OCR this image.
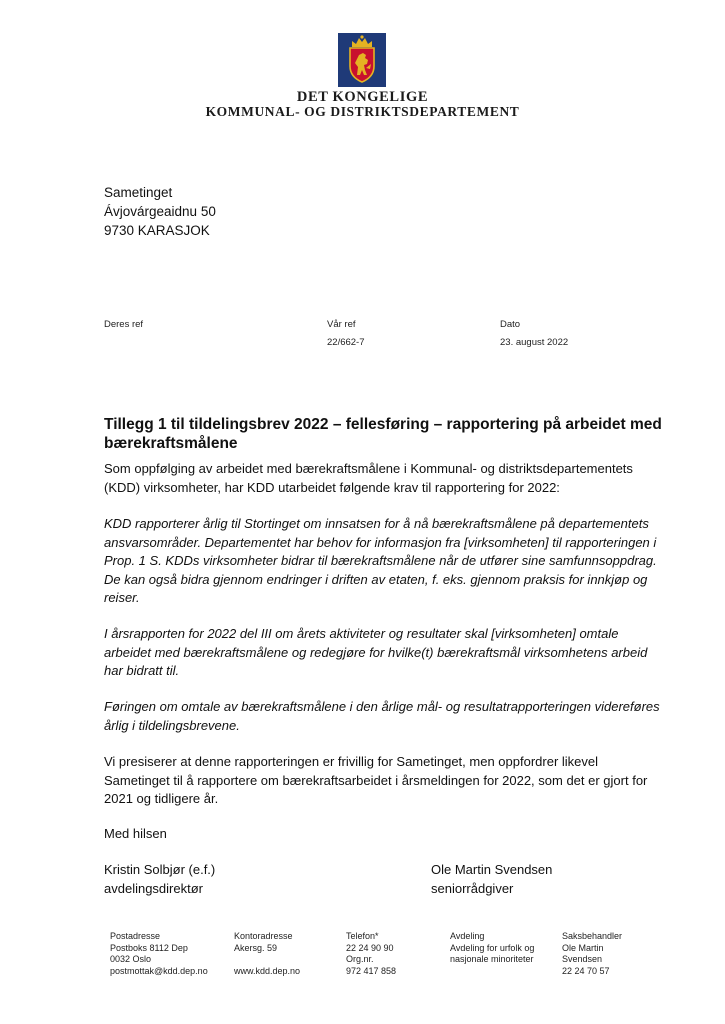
DET KONGELIGE
KOMMUNAL- OG DISTRIKTSDEPARTEMENT
Sametinget
Ávjovárgeaidnu 50
9730 KARASJOK
Deres ref	Vår ref
22/662-7
Dato
23. august 2022
Tillegg 1 til tildelingsbrev 2022 – fellesføring – rapportering på arbeidet med bærekraftsmålene

Som oppfølging av arbeidet med bærekraftsmålene i Kommunal- og distriktsdepartementets (KDD) virksomheter, har KDD utarbeidet følgende krav til rapportering for 2022:

KDD rapporterer årlig til Stortinget om innsatsen for å nå bærekraftsmålene på departementets ansvarsområder. Departementet har behov for informasjon fra [virksomheten] til rapporteringen i Prop. 1 S. KDDs virksomheter bidrar til bærekraftsmålene når de utfører sine samfunnsoppdrag. De kan også bidra gjennom endringer i driften av etaten, f. eks. gjennom praksis for innkjøp og reiser.

I årsrapporten for 2022 del III om årets aktiviteter og resultater skal [virksomheten] omtale arbeidet med bærekraftsmålene og redegjøre for hvilke(t) bærekraftsmål virksomhetens arbeid har bidratt til.

Føringen om omtale av bærekraftsmålene i den årlige mål- og resultatrapporteringen videreføres årlig i tildelingsbrevene.

Vi presiserer at denne rapporteringen er frivillig for Sametinget, men oppfordrer likevel Sametinget til å rapportere om bærekraftsarbeidet i årsmeldingen for 2022, som det er gjort for 2021 og tidligere år.

Med hilsen

Kristin Solbjør (e.f.)
avdelingsdirektør
Ole Martin Svendsen
seniorrådgiver
Postadresse
Postboks 8112 Dep
0032 Oslo
postmottak@kdd.dep.no
Kontoradresse
Akersg. 59

www.kdd.dep.no
Telefon*
22 24 90 90
Org.nr.
972 417 858
Avdeling
Avdeling for urfolk og
nasjonale minoriteter
Saksbehandler
Ole Martin
Svendsen
22 24 70 57
